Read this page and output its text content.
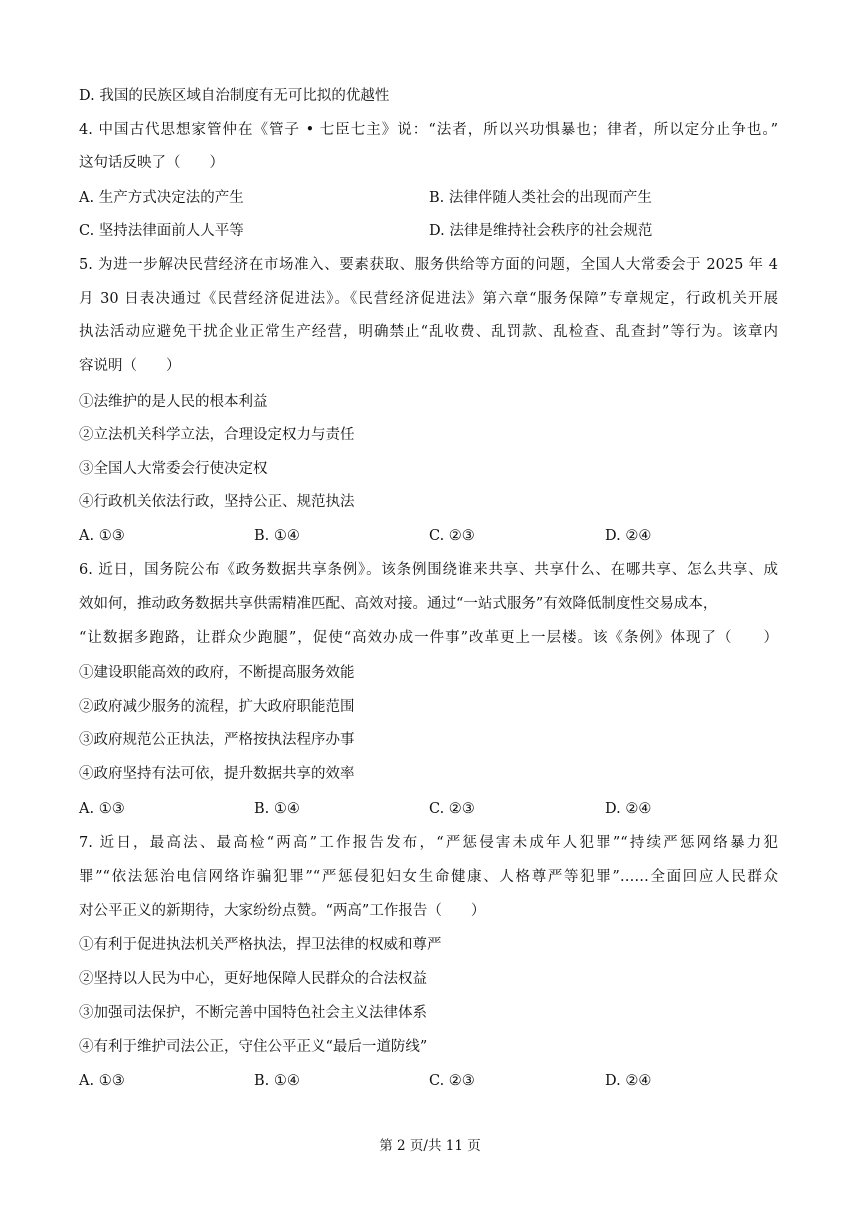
D. 我国的民族区域自治制度有无可比拟的优越性
4. 中国古代思想家管仲在《管子 • 七臣七主》说：“法者，所以兴功惧暴也；律者，所以定分止争也。”
这句话反映了（　　）
A. 生产方式决定法的产生	B. 法律伴随人类社会的出现而产生
C. 坚持法律面前人人平等	D. 法律是维持社会秩序的社会规范
5. 为进一步解决民营经济在市场准入、要素获取、服务供给等方面的问题，全国人大常委会于 2025 年 4
月 30 日表决通过《民营经济促进法》。《民营经济促进法》第六章“服务保障”专章规定，行政机关开展
执法活动应避免干扰企业正常生产经营，明确禁止“乱收费、乱罚款、乱检查、乱查封”等行为。该章内
容说明（　　）
①法维护的是人民的根本利益
②立法机关科学立法，合理设定权力与责任
③全国人大常委会行使决定权
④行政机关依法行政，坚持公正、规范执法
A. ①③	B. ①④	C. ②③	D. ②④
6. 近日，国务院公布《政务数据共享条例》。该条例围绕谁来共享、共享什么、在哪共享、怎么共享、成
效如何，推动政务数据共享供需精准匹配、高效对接。通过“一站式服务”有效降低制度性交易成本，
“让数据多跑路，让群众少跑腿”，促使“高效办成一件事”改革更上一层楼。该《条例》体现了（　　）
①建设职能高效的政府，不断提高服务效能
②政府减少服务的流程，扩大政府职能范围
③政府规范公正执法，严格按执法程序办事
④政府坚持有法可依，提升数据共享的效率
A. ①③	B. ①④	C. ②③	D. ②④
7. 近日，最高法、最高检“两高”工作报告发布，“严惩侵害未成年人犯罪”“持续严惩网络暴力犯
罪”“依法惩治电信网络诈骗犯罪”“严惩侵犯妇女生命健康、人格尊严等犯罪”……全面回应人民群众
对公平正义的新期待，大家纷纷点赞。“两高”工作报告（　　）
①有利于促进执法机关严格执法，捍卫法律的权威和尊严
②坚持以人民为中心，更好地保障人民群众的合法权益
③加强司法保护，不断完善中国特色社会主义法律体系
④有利于维护司法公正，守住公平正义“最后一道防线”
A. ①③	B. ①④	C. ②③	D. ②④
第 2 页/共 11 页
